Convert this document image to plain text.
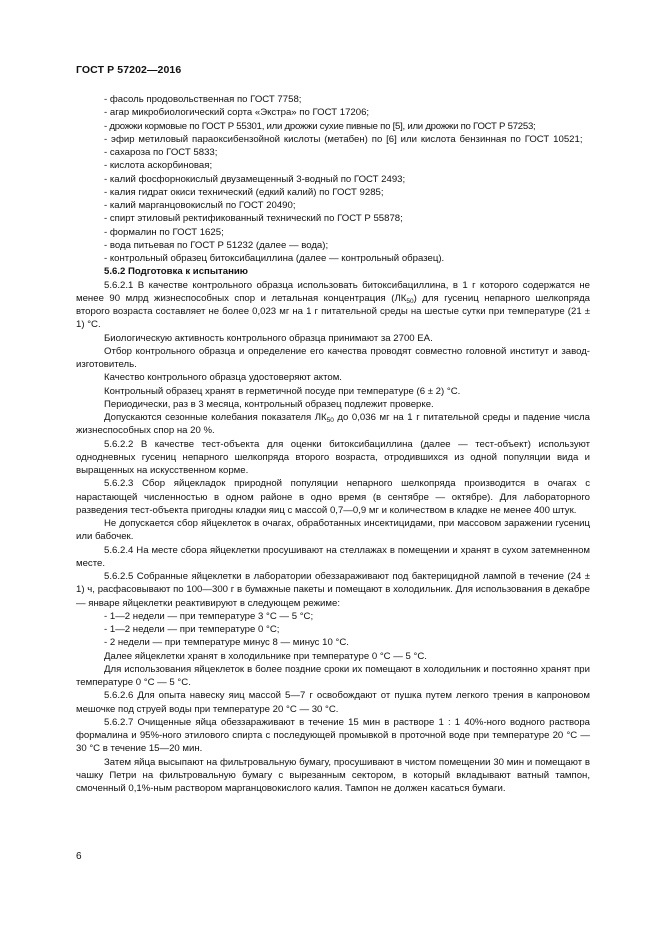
ГОСТ Р 57202—2016

- фасоль продовольственная по ГОСТ 7758;

- агар микробиологический сорта «Экстра» по ГОСТ 17206;

- дрожжи кормовые по ГОСТ Р 55301, или дрожжи сухие пивные по [5], или дрожжи по ГОСТ Р 57253;

- эфир метиловый параоксибензойной кислоты (метабен) по [6] или кислота бензинная по ГОСТ 10521;

- сахароза по ГОСТ 5833;

- кислота аскорбиновая;

- калий фосфорнокислый двузамещенный 3-водный по ГОСТ 2493;

- калия гидрат окиси технический (едкий калий) по ГОСТ 9285;

- калий марганцовокислый по ГОСТ 20490;

- спирт этиловый ректификованный технический по ГОСТ Р 55878;

- формалин по ГОСТ 1625;

- вода питьевая по ГОСТ Р 51232 (далее — вода);

- контрольный образец битоксибациллина (далее — контрольный образец).

5.6.2 Подготовка к испытанию

5.6.2.1 В качестве контрольного образца использовать битоксибациллина, в 1 г которого содержатся не менее 90 млрд жизнеспособных спор и летальная концентрация $(ЛК_{50})$ для гусениц непарного шелкопряда второго возраста составляет не более 0,023 мг на 1 г питательной среды на шестые сутки при температуре (21 ± 1) °С.

Биологическую активность контрольного образца принимают за 2700 ЕА.

Отбор контрольного образца и определение его качества проводят совместно головной институт и завод-изготовитель.

Качество контрольного образца удостоверяют актом.

Контрольный образец хранят в герметичной посуде при температуре (6 ± 2) °С.

Периодически, раз в 3 месяца, контрольный образец подлежит проверке.

Допускаются сезонные колебания показателя $ЛК_{50}$ до 0,036 мг на 1 г питательной среды и падение числа жизнеспособных спор на 20 %.

5.6.2.2 В качестве тест-объекта для оценки битоксибациллина (далее — тест-объект) используют однодневных гусениц непарного шелкопряда второго возраста, отродившихся из одной популяции вида и выращенных на искусственном корме.

5.6.2.3 Сбор яйцекладок природной популяции непарного шелкопряда производится в очагах с нарастающей численностью в одном районе в одно время (в сентябре — октябре). Для лабораторного разведения тест-объекта пригодны кладки яиц с массой 0,7—0,9 мг и количеством в кладке не менее 400 штук.

Не допускается сбор яйцеклеток в очагах, обработанных инсектицидами, при массовом заражении гусениц или бабочек.

5.6.2.4 На месте сбора яйцеклетки просушивают на стеллажах в помещении и хранят в сухом затемненном месте.

5.6.2.5 Собранные яйцеклетки в лаборатории обеззараживают под бактерицидной лампой в течение (24 ± 1) ч, расфасовывают по 100—300 г в бумажные пакеты и помещают в холодильник. Для использования в декабре — январе яйцеклетки реактивируют в следующем режиме:

- 1—2 недели — при температуре 3 °С — 5 °С;

- 1—2 недели — при температуре 0 °С;

- 2 недели — при температуре минус 8 — минус 10 °С.

Далее яйцеклетки хранят в холодильнике при температуре 0 °С — 5 °С.

Для использования яйцеклеток в более поздние сроки их помещают в холодильник и постоянно хранят при температуре 0 °С — 5 °С.

5.6.2.6 Для опыта навеску яиц массой 5—7 г освобождают от пушка путем легкого трения в капроновом мешочке под струей воды при температуре 20 °С — 30 °С.

5.6.2.7 Очищенные яйца обеззараживают в течение 15 мин в растворе 1 : 1 40%-ного водного раствора формалина и 95%-ного этилового спирта с последующей промывкой в проточной воде при температуре 20 °С — 30 °С в течение 15—20 мин.

Затем яйца высыпают на фильтровальную бумагу, просушивают в чистом помещении 30 мин и помещают в чашку Петри на фильтровальную бумагу с вырезанным сектором, в который вкладывают ватный тампон, смоченный 0,1%-ным раствором марганцовокислого калия. Тампон не должен касаться бумаги.

6
